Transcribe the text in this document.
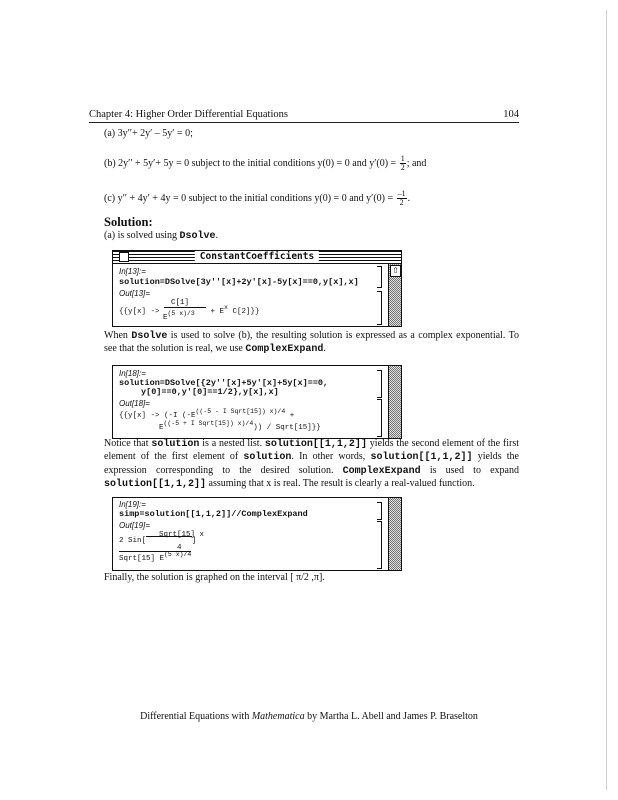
Chapter 4: Higher Order Differential Equations	104
(a) 3y′′+ 2y′ – 5y′ = 0;
(b) 2y′′ + 5y′+ 5y = 0 subject to the initial conditions y(0) = 0 and $y'(0) = \frac{1}{2}$ ; and
(c) y′′ + 4y′ + 4y = 0 subject to the initial conditions y(0) = 0 and $y'(0) = \frac{-1}{2}$ .
Solution:
(a) is solved using Dsolve.
ConstantCoefficients
⇧
In[13]:=
solution=DSolve[3y''[x]+2y'[x]-5y[x]==0,y[x],x]
Out[13]=
C[1]
{{y[x] ->	+ Ex C[2]}}
E(5 x)/3
When Dsolve is used to solve (b), the resulting solution is expressed as a complex exponential. To see that the solution is real, we use ComplexExpand.
In[18]:=
solution=DSolve[{2y''[x]+5y'[x]+5y[x]==0,
y[0]==0,y'[0]==1/2},y[x],x]
Out[18]=
{{y[x] -> (-I (-E((-5 - I Sqrt[15]) x)/4 +
E((-5 + I Sqrt[15]) x)/4)) / Sqrt[15]}}
Notice that solution is a nested list. solution[[1,1,2]] yields the second element of the first element of the first element of solution. In other words, solution[[1,1,2]] yields the expression corresponding to the desired solution. ComplexExpand is used to expand solution[[1,1,2]] assuming that x is real. The result is clearly a real-valued function.
In[19]:=
simp=solution[[1,1,2]]//ComplexExpand
Out[19]=
Sqrt[15] x
2 Sin[	]
4
Sqrt[15] E(5 x)/4
Finally, the solution is graphed on the interval [ π/2 ,π].
Differential Equations with Mathematica by Martha L. Abell and James P. Braselton
